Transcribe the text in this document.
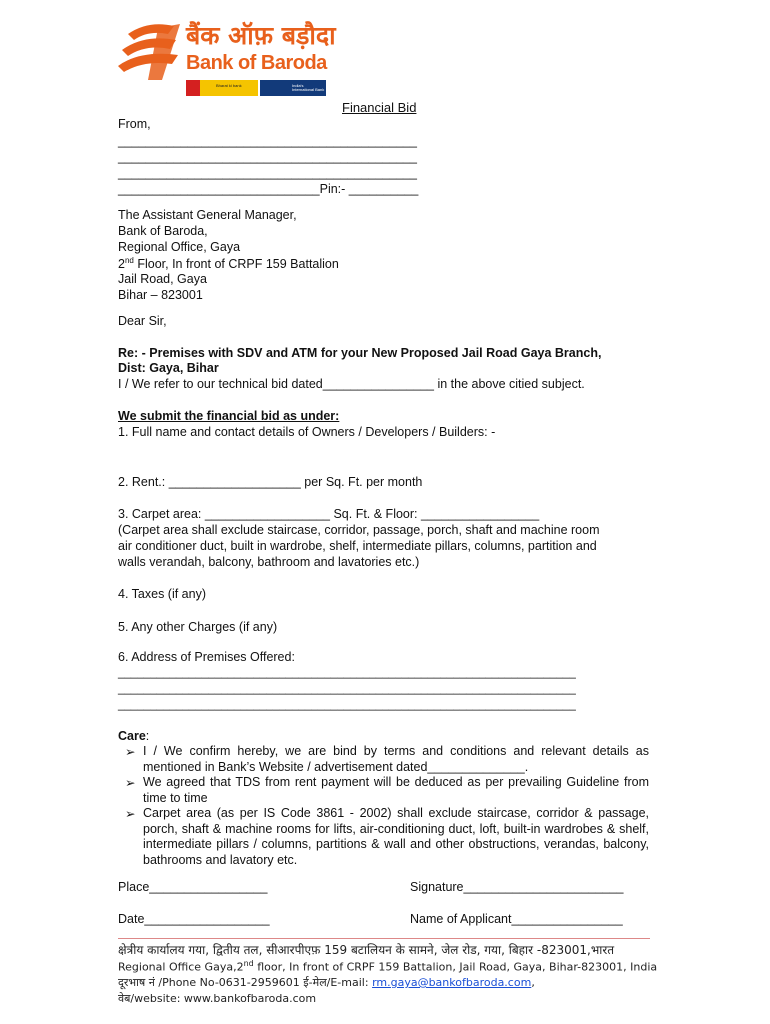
बैंक ऑफ़ बड़ौदा
Bank of Baroda
Bharat ki bank	India's International Bank
Financial Bid
From,
___________________________________________
___________________________________________
___________________________________________
_____________________________Pin:- __________
The Assistant General Manager,
Bank of Baroda,
Regional Office, Gaya
2nd Floor, In front of CRPF 159 Battalion
Jail Road, Gaya
Bihar – 823001
Dear Sir,
Re: - Premises with SDV and ATM for your New Proposed Jail Road Gaya Branch,
Dist: Gaya, Bihar
I / We refer to our technical bid dated________________ in the above citied subject.
We submit the financial bid as under:
1. Full name and contact details of Owners / Developers / Builders: -
2. Rent.: ___________________ per Sq. Ft. per month
3. Carpet area: __________________ Sq. Ft. & Floor: _________________
(Carpet area shall exclude staircase, corridor, passage, porch, shaft and machine room
air conditioner duct, built in wardrobe, shelf, intermediate pillars, columns, partition and
walls verandah, balcony, bathroom and lavatories etc.)
4. Taxes (if any)
5. Any other Charges (if any)
6. Address of Premises Offered:
_______________________________________________________________________
_______________________________________________________________________
_______________________________________________________________________
Care:
➢ I / We confirm hereby, we are bind by terms and conditions and relevant details as mentioned in Bank’s Website / advertisement dated______________.
➢ We agreed that TDS from rent payment will be deduced as per prevailing Guideline from time to time
➢ Carpet area (as per IS Code 3861 - 2002) shall exclude staircase, corridor & passage, porch, shaft & machine rooms for lifts, air-conditioning duct, loft, built-in wardrobes & shelf, intermediate pillars / columns, partitions & wall and other obstructions, verandas, balcony, bathrooms and lavatory etc.
Place_________________	Signature_______________________
Date__________________	Name of Applicant________________
क्षेत्रीय कार्यालय गया, द्वितीय तल, सीआरपीएफ़ 159 बटालियन के सामने, जेल रोड, गया, बिहार -823001,भारत
Regional Office Gaya,2nd floor, In front of CRPF 159 Battalion, Jail Road, Gaya, Bihar-823001, India
दूरभाष नं /Phone No-0631-2959601 ई-मेल/E-mail: rm.gaya@bankofbaroda.com,
वेब/website: www.bankofbaroda.com
